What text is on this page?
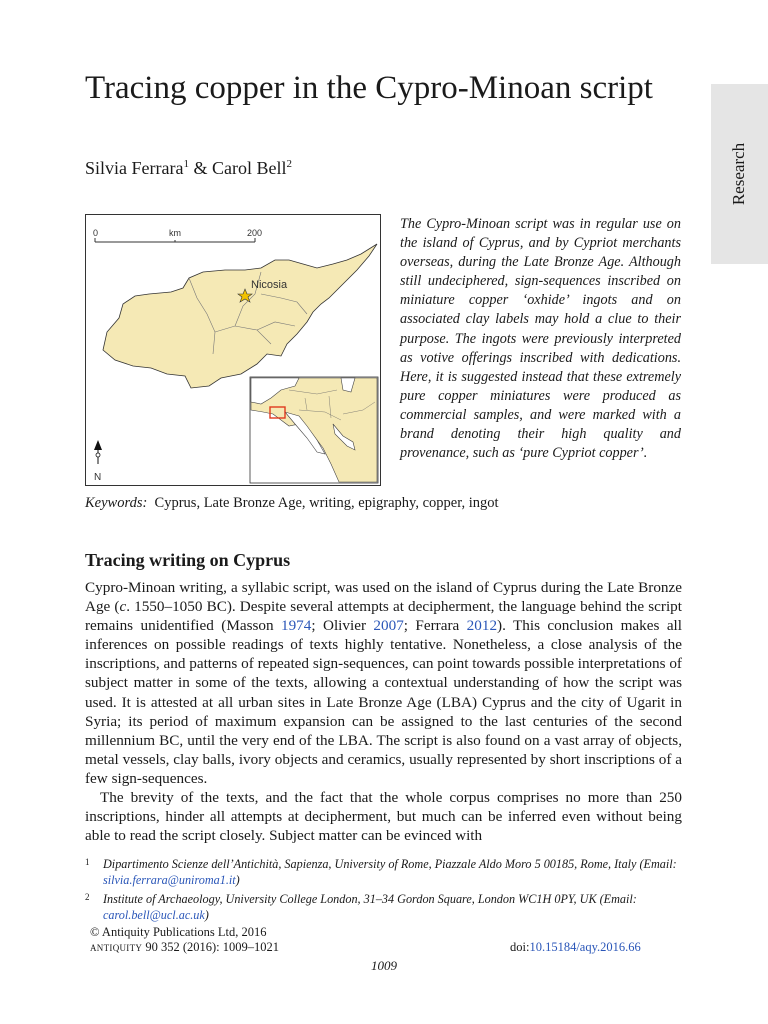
Tracing copper in the Cypro-Minoan script
Silvia Ferrara$^1$ & Carol Bell$^2$	Research
0	km	200
Nicosia
N
The Cypro-Minoan script was in regular use on the island of Cyprus, and by Cypriot merchants overseas, during the Late Bronze Age. Although still undeciphered, sign-sequences inscribed on miniature copper ‘oxhide’ ingots and on associated clay labels may hold a clue to their purpose. The ingots were previously interpreted as votive offerings inscribed with dedications. Here, it is suggested instead that these extremely pure copper miniatures were produced as commercial samples, and were marked with a brand denoting their high quality and provenance, such as ‘pure Cypriot copper’.
Keywords: Cyprus, Late Bronze Age, writing, epigraphy, copper, ingot
Tracing writing on Cyprus

Cypro-Minoan writing, a syllabic script, was used on the island of Cyprus during the Late Bronze Age (c. 1550–1050 BC). Despite several attempts at decipherment, the language behind the script remains unidentified (Masson 1974; Olivier 2007; Ferrara 2012). This conclusion makes all inferences on possible readings of texts highly tentative. Nonetheless, a close analysis of the inscriptions, and patterns of repeated sign-sequences, can point towards possible interpretations of subject matter in some of the texts, allowing a contextual understanding of how the script was used. It is attested at all urban sites in Late Bronze Age (LBA) Cyprus and the city of Ugarit in Syria; its period of maximum expansion can be assigned to the last centuries of the second millennium BC, until the very end of the LBA. The script is also found on a vast array of objects, metal vessels, clay balls, ivory objects and ceramics, usually represented by short inscriptions of a few sign-sequences.

The brevity of the texts, and the fact that the whole corpus comprises no more than 250 inscriptions, hinder all attempts at decipherment, but much can be inferred even without being able to read the script closely. Subject matter can be evinced with

1 Dipartimento Scienze dell’Antichità, Sapienza, University of Rome, Piazzale Aldo Moro 5 00185, Rome, Italy (Email: silvia.ferrara@uniroma1.it)
2 Institute of Archaeology, University College London, 31–34 Gordon Square, London WC1H 0PY, UK (Email: carol.bell@ucl.ac.uk)
© Antiquity Publications Ltd, 2016
antiquity 90 352 (2016): 1009–1021	doi:10.15184/aqy.2016.66
1009
